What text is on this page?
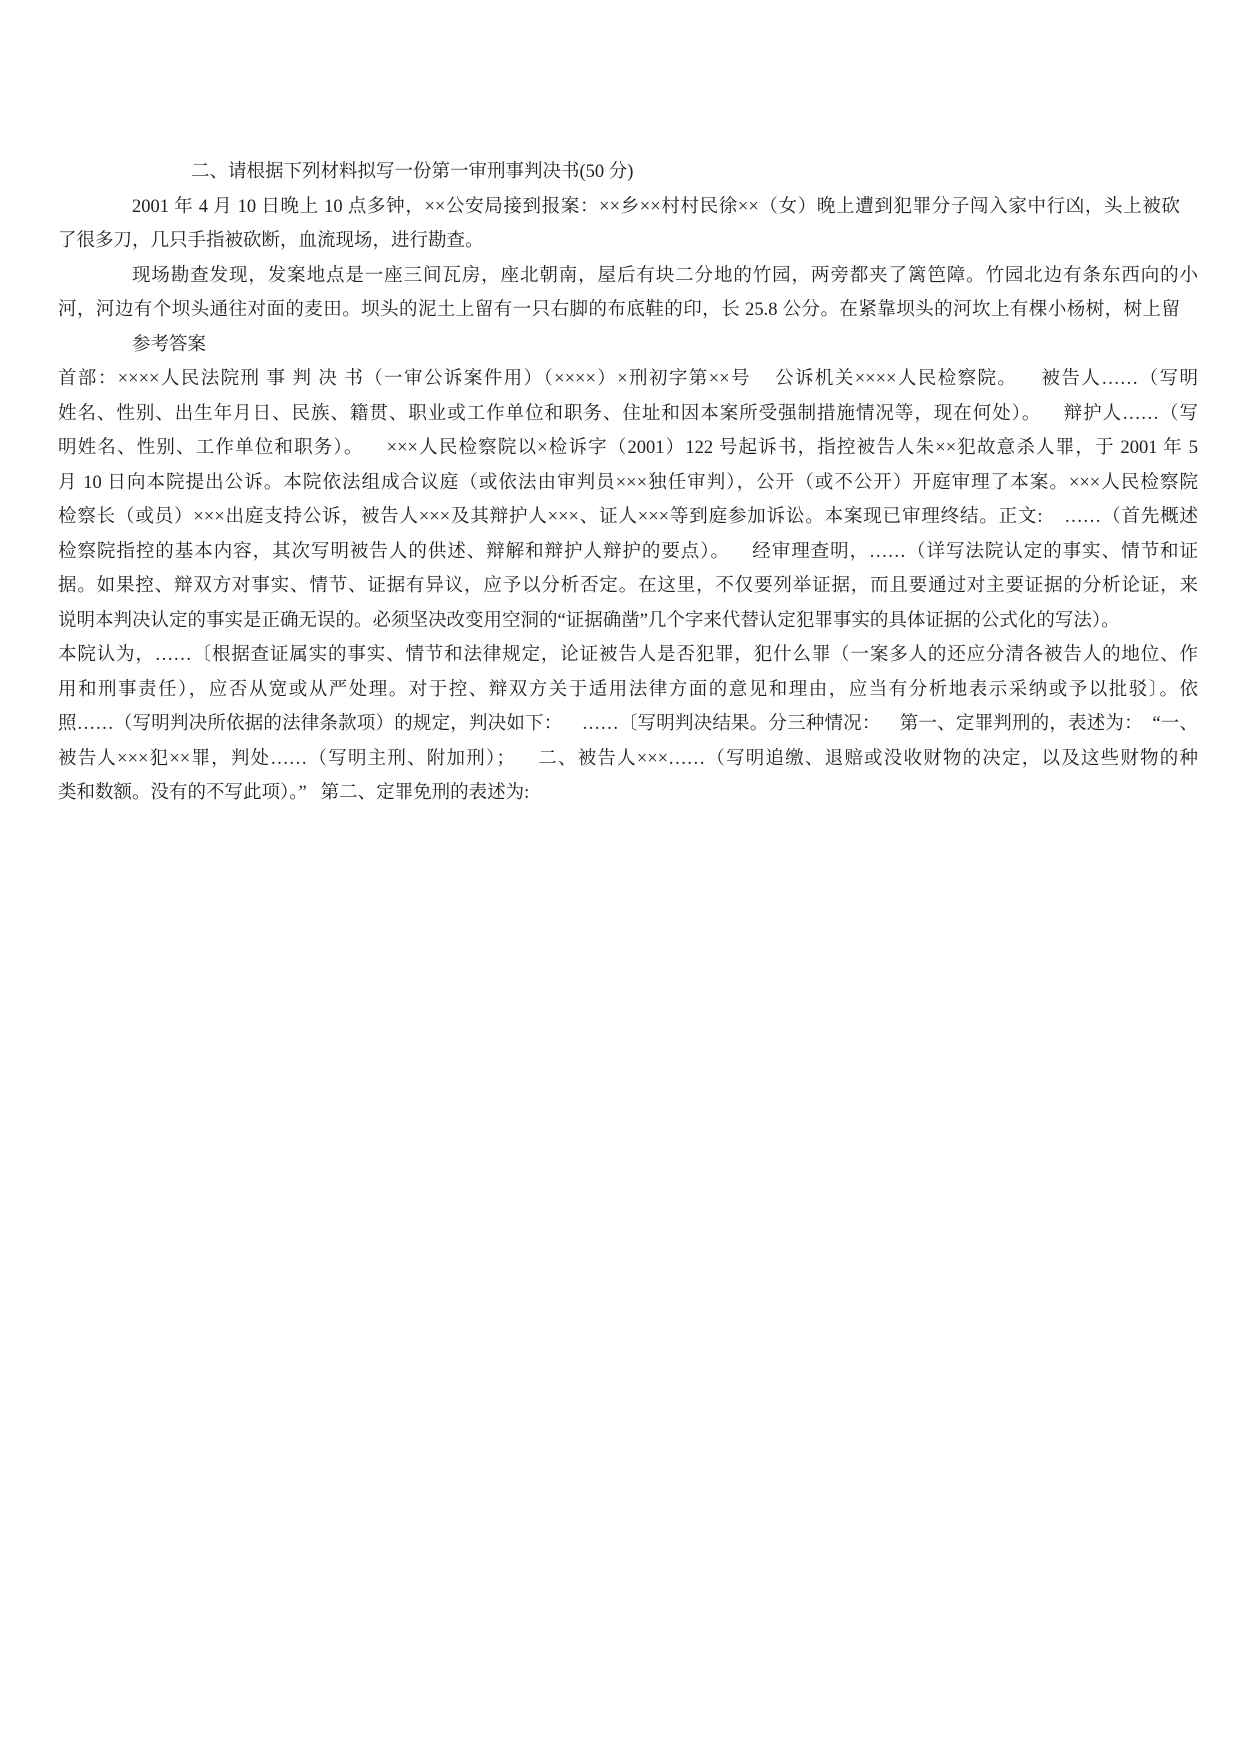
二、请根据下列材料拟写一份第一审刑事判决书(50 分)
2001 年 4 月 10 日晚上 10 点多钟，××公安局接到报案：××乡××村村民徐××（女）晚上遭到犯罪分子闯入家中行凶，头上被砍
了很多刀，几只手指被砍断，血流现场，进行勘查。
现场勘查发现，发案地点是一座三间瓦房，座北朝南，屋后有块二分地的竹园，两旁都夹了篱笆障。竹园北边有条东西向的小
河，河边有个坝头通往对面的麦田。坝头的泥土上留有一只右脚的布底鞋的印，长 25.8 公分。在紧靠坝头的河坎上有棵小杨树，树上留
参考答案
首部：××××人民法院刑 事 判 决 书（一审公诉案件用）（××××）×刑初字第××号    公诉机关××××人民检察院。    被告人……（写明
姓名、性别、出生年月日、民族、籍贯、职业或工作单位和职务、住址和因本案所受强制措施情况等，现在何处）。    辩护人……（写
明姓名、性别、工作单位和职务）。    ×××人民检察院以×检诉字（2001）122 号起诉书，指控被告人朱××犯故意杀人罪，于 2001 年 5
月 10 日向本院提出公诉。本院依法组成合议庭（或依法由审判员×××独任审判），公开（或不公开）开庭审理了本案。×××人民检察院
检察长（或员）×××出庭支持公诉，被告人×××及其辩护人×××、证人×××等到庭参加诉讼。本案现已审理终结。正文:    ……（首先概述
检察院指控的基本内容，其次写明被告人的供述、辩解和辩护人辩护的要点）。    经审理查明，……（详写法院认定的事实、情节和证
据。如果控、辩双方对事实、情节、证据有异议，应予以分析否定。在这里，不仅要列举证据，而且要通过对主要证据的分析论证，来
说明本判决认定的事实是正确无误的。必须坚决改变用空洞的“证据确凿”几个字来代替认定犯罪事实的具体证据的公式化的写法）。
本院认为，……〔根据查证属实的事实、情节和法律规定，论证被告人是否犯罪，犯什么罪（一案多人的还应分清各被告人的地位、作
用和刑事责任），应否从宽或从严处理。对于控、辩双方关于适用法律方面的意见和理由，应当有分析地表示采纳或予以批驳〕。依
照……（写明判决所依据的法律条款项）的规定，判决如下：    ……〔写明判决结果。分三种情况：    第一、定罪判刑的，表述为：  “一、
被告人×××犯××罪，判处……（写明主刑、附加刑）；    二、被告人×××……（写明追缴、退赔或没收财物的决定，以及这些财物的种
类和数额。没有的不写此项）。”   第二、定罪免刑的表述为:
